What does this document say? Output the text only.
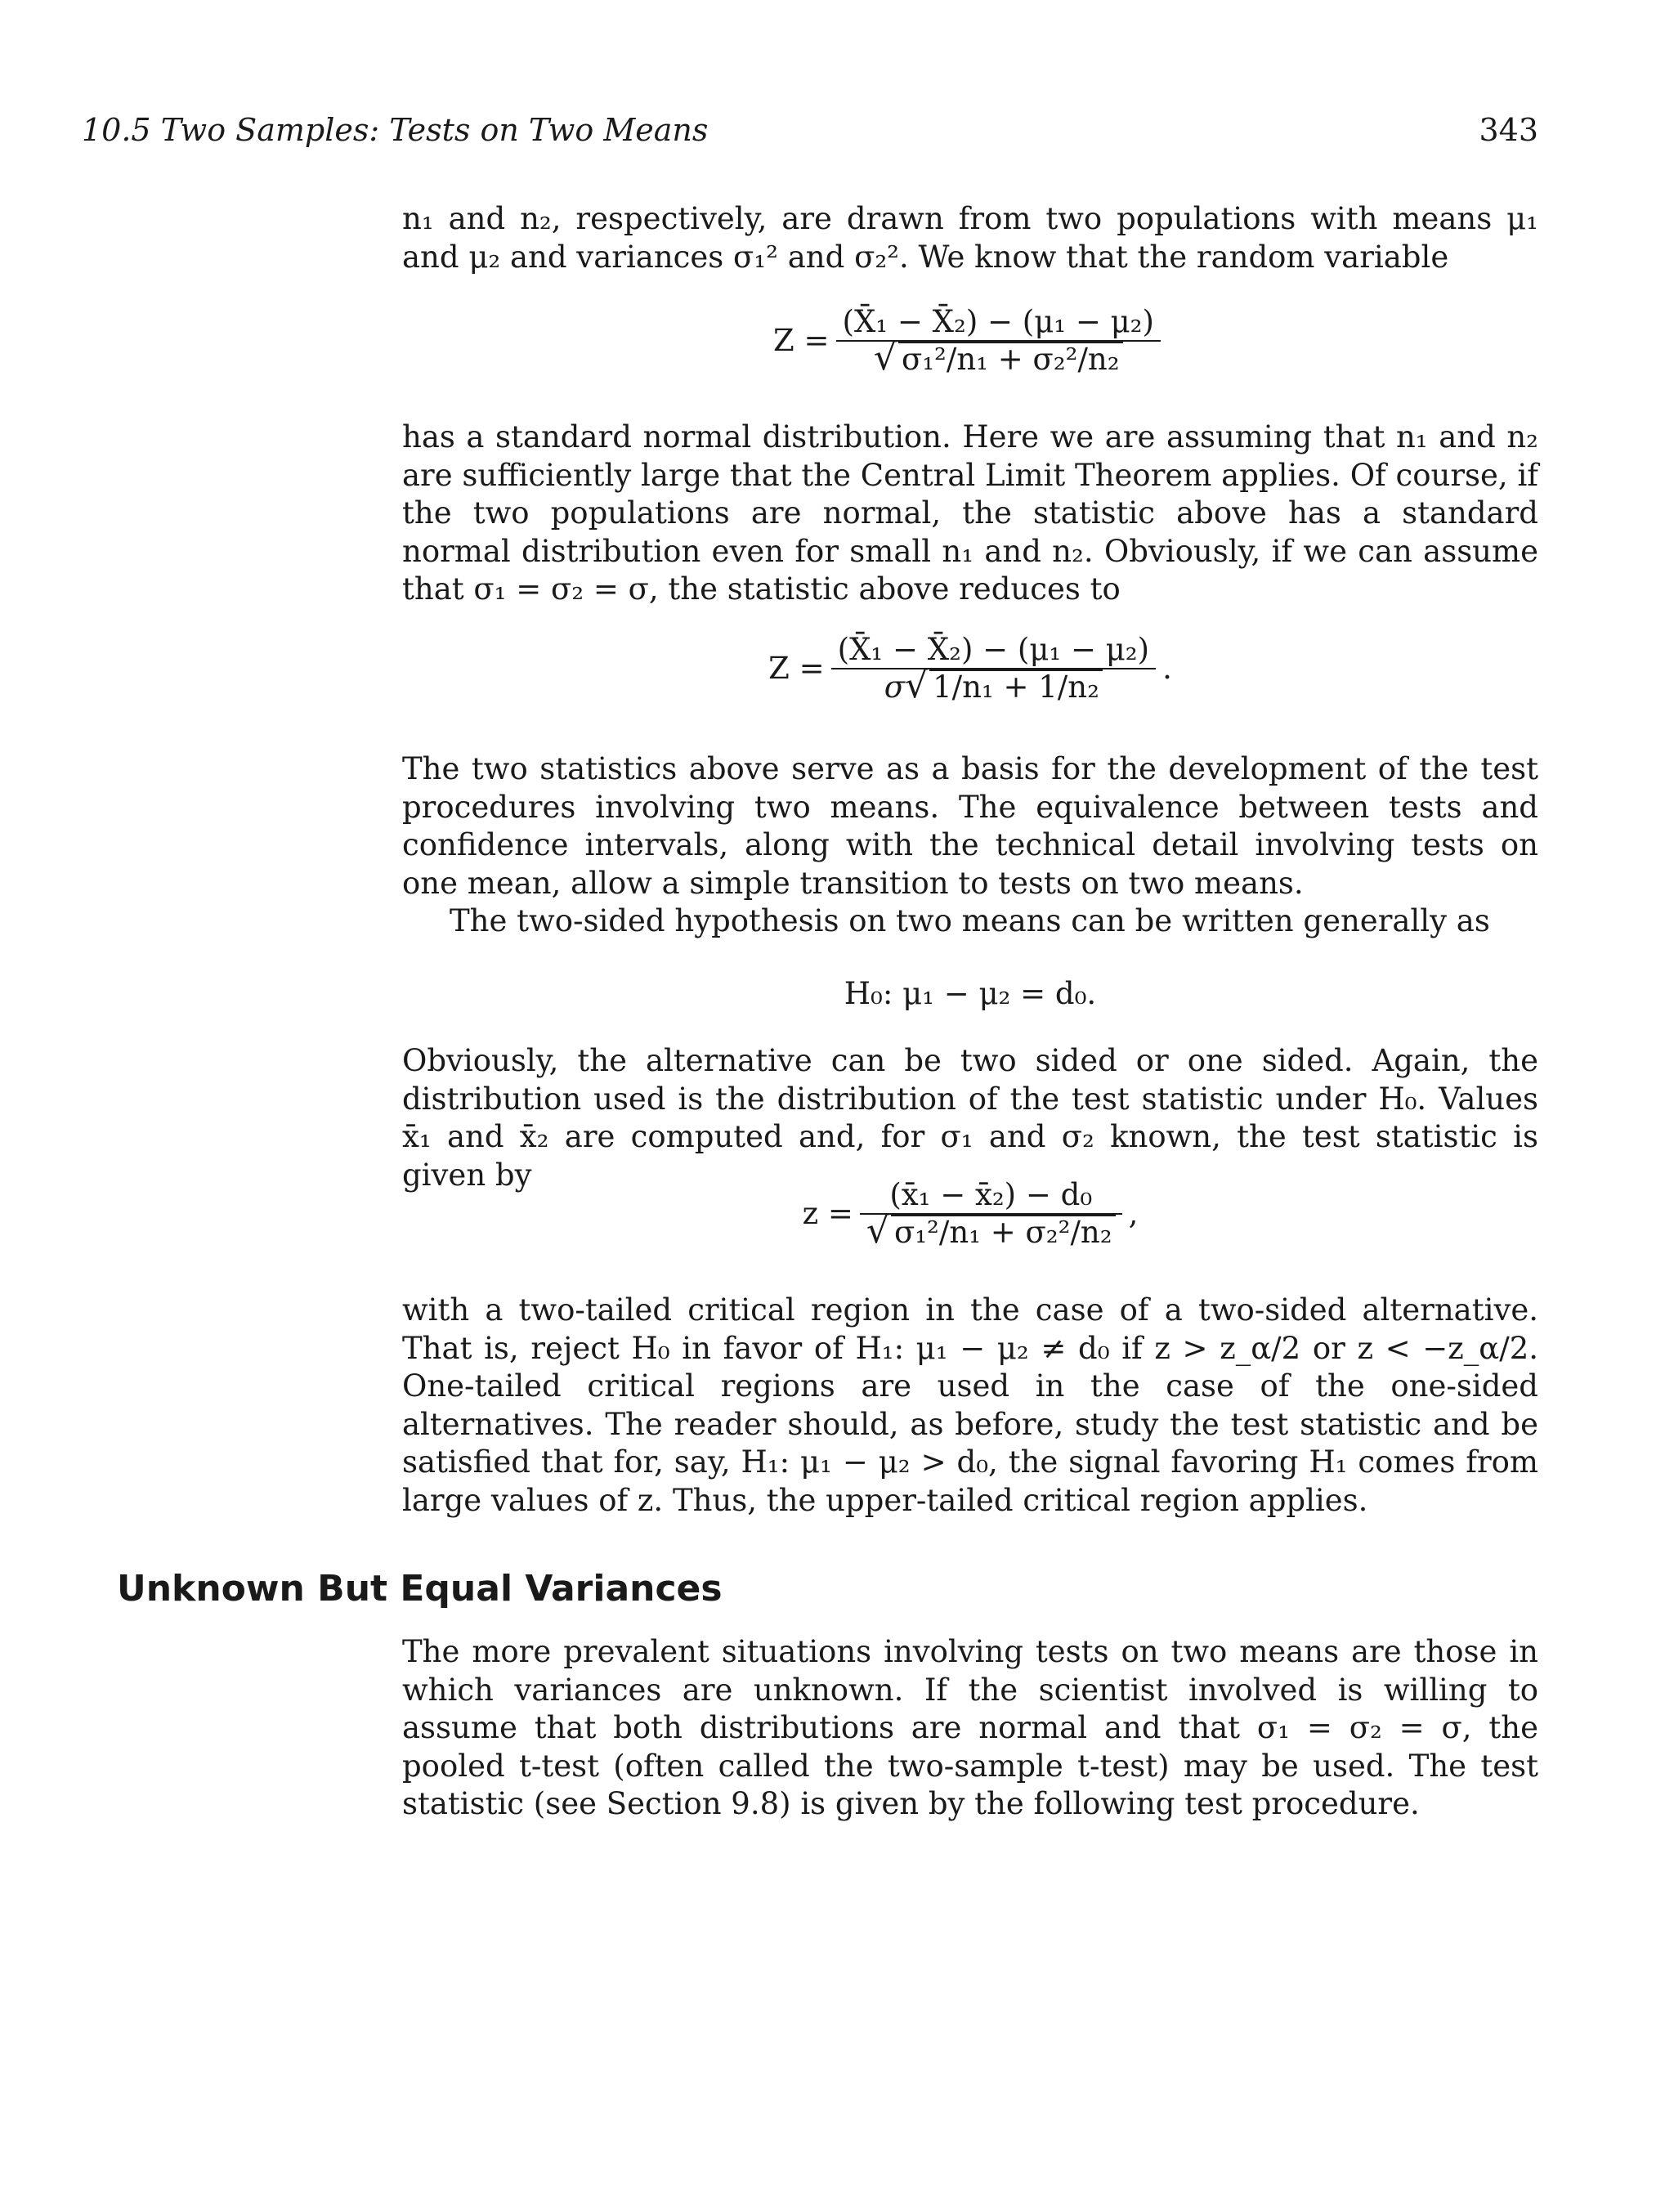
10.5 Two Samples: Tests on Two Means	343

n₁ and n₂, respectively, are drawn from two populations with means μ₁ and μ₂ and variances σ₁² and σ₂². We know that the random variable

$Z = \frac{\text{(X̄₁ − X̄₂) − (μ₁ − μ₂)}}{\text{√ σ₁²/n₁ + σ₂²/n₂}}$

has a standard normal distribution. Here we are assuming that n₁ and n₂ are sufficiently large that the Central Limit Theorem applies. Of course, if the two populations are normal, the statistic above has a standard normal distribution even for small n₁ and n₂. Obviously, if we can assume that σ₁ = σ₂ = σ, the statistic above reduces to

$Z = \frac{\text{(X̄₁ − X̄₂) − (μ₁ − μ₂)}}{\text{σ√ 1/n₁ + 1/n₂}}$ .

The two statistics above serve as a basis for the development of the test procedures involving two means. The equivalence between tests and confidence intervals, along with the technical detail involving tests on one mean, allow a simple transition to tests on two means.

The two-sided hypothesis on two means can be written generally as

H₀: μ₁ − μ₂ = d₀.

Obviously, the alternative can be two sided or one sided. Again, the distribution used is the distribution of the test statistic under H₀. Values x̄₁ and x̄₂ are computed and, for σ₁ and σ₂ known, the test statistic is given by

$z = \frac{\text{(x̄₁ − x̄₂) − d₀}}{\text{√ σ₁²/n₁ + σ₂²/n₂}}$ ,

with a two-tailed critical region in the case of a two-sided alternative. That is, reject H₀ in favor of H₁: μ₁ − μ₂ ≠ d₀ if z > z_α/2 or z < −z_α/2. One-tailed critical regions are used in the case of the one-sided alternatives. The reader should, as before, study the test statistic and be satisfied that for, say, H₁: μ₁ − μ₂ > d₀, the signal favoring H₁ comes from large values of z. Thus, the upper-tailed critical region applies.

Unknown But Equal Variances

The more prevalent situations involving tests on two means are those in which variances are unknown. If the scientist involved is willing to assume that both distributions are normal and that σ₁ = σ₂ = σ, the pooled t-test (often called the two-sample t-test) may be used. The test statistic (see Section 9.8) is given by the following test procedure.
